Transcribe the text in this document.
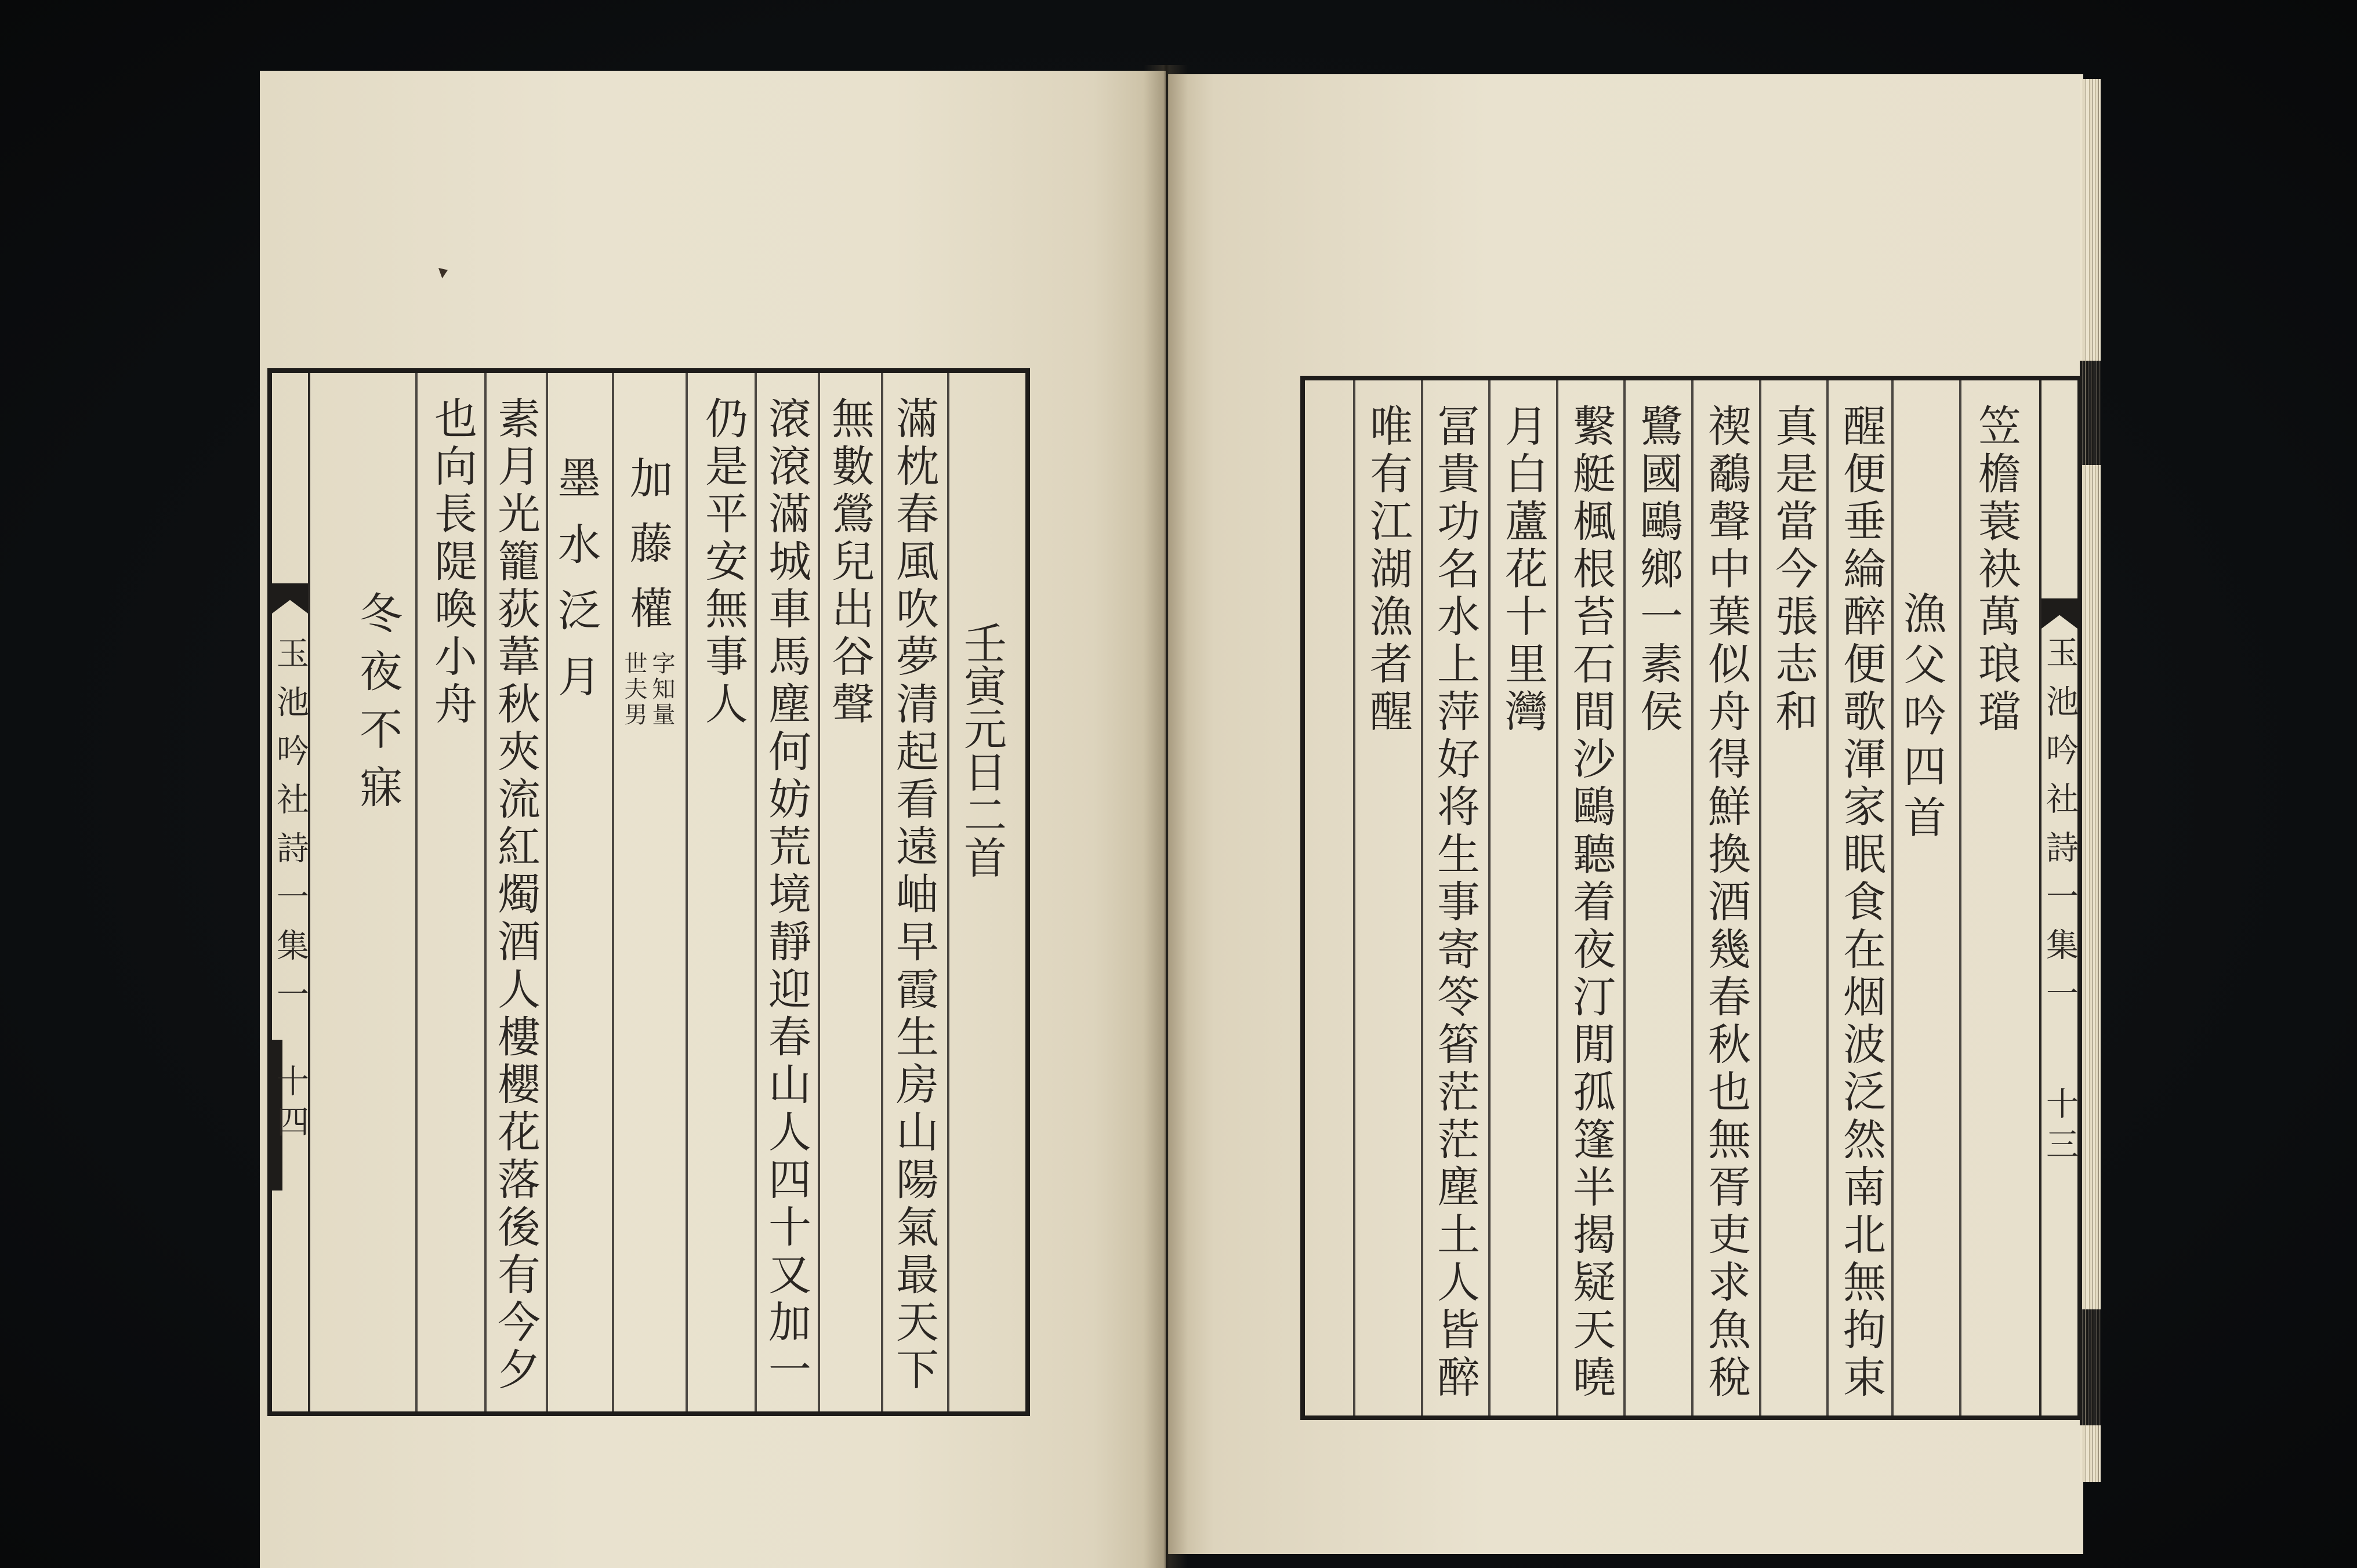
玉池吟社詩一集一
十四
壬寅元日二首
滿枕春風吹夢清起看遠岫早霞生房山陽氣最天下
無數鶯兒出谷聲
滾滾滿城車馬塵何妨荒境靜迎春山人四十又加一
仍是平安無事人
加藤權
字知量
世夫男
墨水泛月
素月光籠荻葦秋夾流紅燭酒人樓櫻花落後有今夕
也向長隄喚小舟
冬夜不寐	玉池吟社詩一集一
十三
笠檐蓑袂萬琅璫
漁父吟四首
醒便垂綸醉便歌渾家眠食在烟波泛然南北無拘束
真是當今張志和
禊鷸聲中葉似舟得鮮換酒幾春秋也無胥吏求魚稅
鷺國鷗鄉一素侯
繫艇楓根苔石間沙鷗聽着夜汀閒孤篷半揭疑天曉
月白蘆花十里灣
冨貴功名水上萍好将生事寄笭箵茫茫塵土人皆醉
唯有江湖漁者醒
